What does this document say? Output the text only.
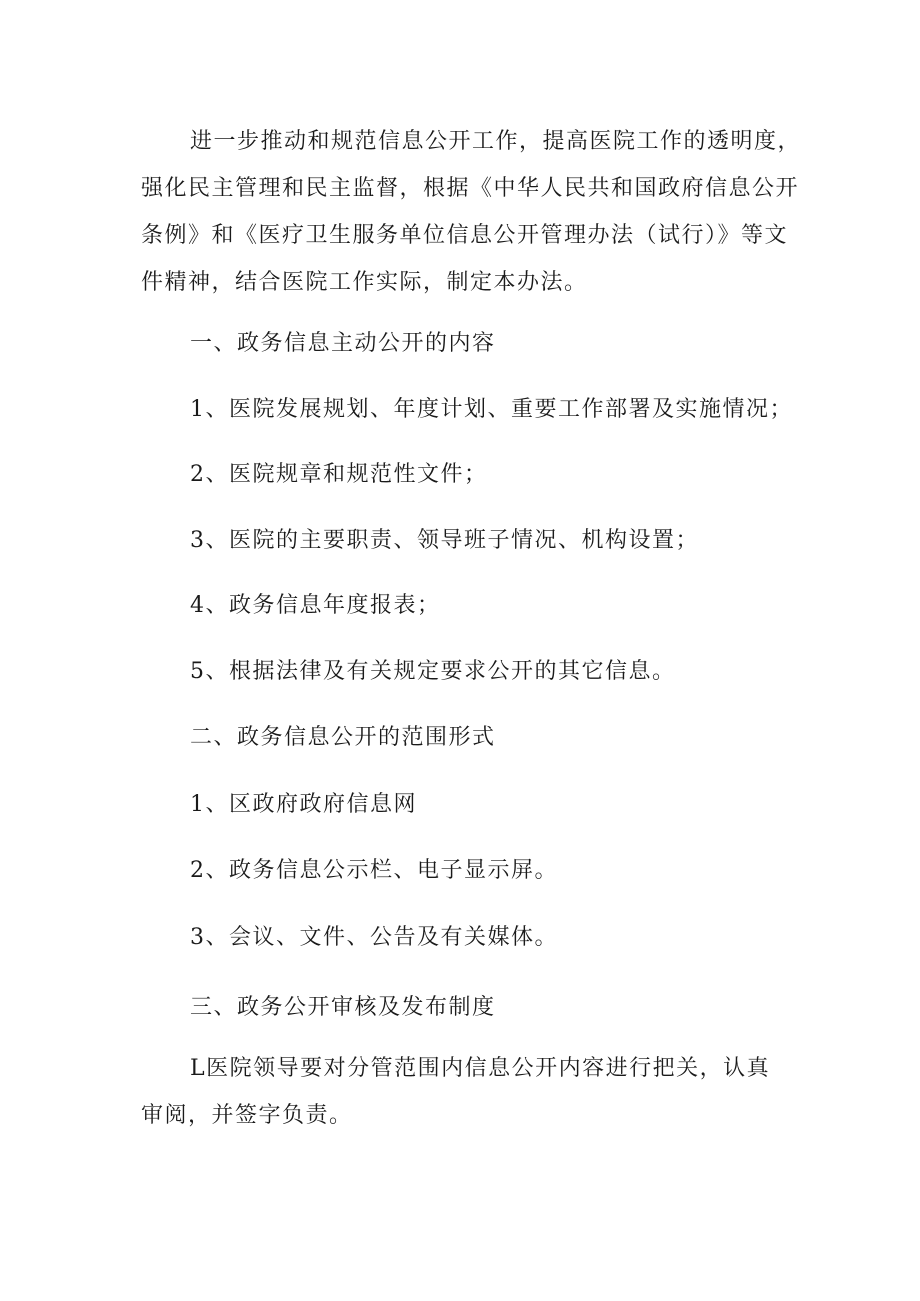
进一步推动和规范信息公开工作，提高医院工作的透明度，

强化民主管理和民主监督，根据《中华人民共和国政府信息公开

条例》和《医疗卫生服务单位信息公开管理办法（试行）》等文

件精神，结合医院工作实际，制定本办法。

一、政务信息主动公开的内容

1、医院发展规划、年度计划、重要工作部署及实施情况；

2、医院规章和规范性文件；

3、医院的主要职责、领导班子情况、机构设置；

4、政务信息年度报表；

5、根据法律及有关规定要求公开的其它信息。

二、政务信息公开的范围形式

1、区政府政府信息网

2、政务信息公示栏、电子显示屏。

3、会议、文件、公告及有关媒体。

三、政务公开审核及发布制度

L医院领导要对分管范围内信息公开内容进行把关，认真

审阅，并签字负责。
